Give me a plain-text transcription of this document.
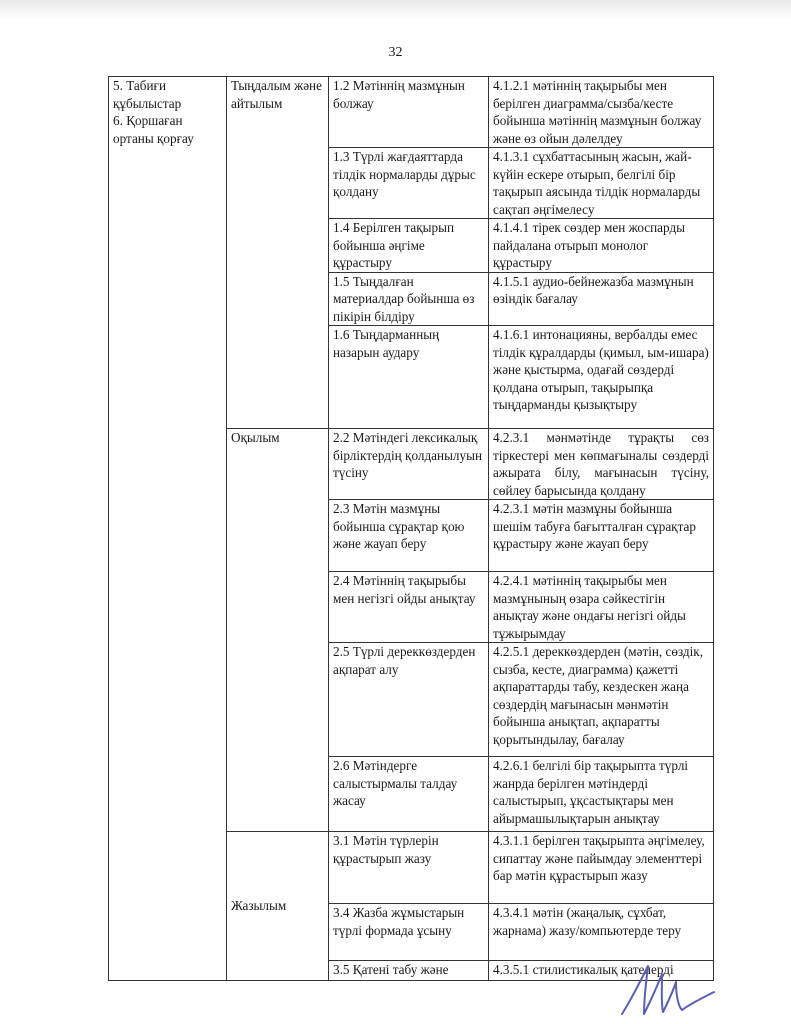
32
5. Табиғи құбылыстар
6. Қоршаған ортаны қорғау	Тыңдалым және айтылым	1.2 Мәтіннің мазмұнын болжау	4.1.2.1 мәтіннің тақырыбы мен берілген диаграмма/сызба/кесте бойынша мәтіннің мазмұнын болжау және өз ойын дәлелдеу
		1.3 Түрлі жағдаяттарда тілдік нормаларды дұрыс қолдану	4.1.3.1 сұхбаттасының жасын, жай-күйін ескере отырып, белгілі бір тақырып аясында тілдік нормаларды сақтап әңгімелесу
		1.4 Берілген тақырып бойынша әңгіме құрастыру	4.1.4.1 тірек сөздер мен жоспарды пайдалана отырып монолог құрастыру
		1.5 Тыңдалған материалдар бойынша өз пікірін білдіру	4.1.5.1 аудио-бейнежазба мазмұнын өзіндік бағалау
		1.6 Тыңдарманның назарын аудару	4.1.6.1 интонацияны, вербалды емес тілдік құралдарды (қимыл, ым-ишара) және қыстырма, одағай сөздерді қолдана отырып, тақырыпқа тыңдарманды қызықтыру
	Оқылым	2.2 Мәтіндегі лексикалық бірліктердің қолданылуын түсіну	4.2.3.1 мәнмәтінде тұрақты сөз тіркестері мен көпмағыналы сөздерді ажырата білу, мағынасын түсіну, сөйлеу барысында қолдану
		2.3 Мәтін мазмұны бойынша сұрақтар қою және жауап беру	4.2.3.1 мәтін мазмұны бойынша шешім табуға бағытталған сұрақтар құрастыру және жауап беру
		2.4 Мәтіннің тақырыбы мен негізгі ойды анықтау	4.2.4.1 мәтіннің тақырыбы мен мазмұнының өзара сәйкестігін анықтау және ондағы негізгі ойды тұжырымдау
		2.5 Түрлі дереккөздерден ақпарат алу	4.2.5.1 дереккөздерден (мәтін, сөздік, сызба, кесте, диаграмма) қажетті ақпараттарды табу, кездескен жаңа сөздердің мағынасын мәнмәтін бойынша анықтап, ақпаратты қорытындылау, бағалау
		2.6 Мәтіндерге салыстырмалы талдау жасау	4.2.6.1 белгілі бір тақырыпта түрлі жанрда берілген мәтіндерді салыстырып, ұқсастықтары мен айырмашылықтарын анықтау
	Жазылым	3.1 Мәтін түрлерін құрастырып жазу	4.3.1.1 берілген тақырыпта әңгімелеу, сипаттау және пайымдау элементтері бар мәтін құрастырып жазу
		3.4 Жазба жұмыстарын түрлі формада ұсыну	4.3.4.1 мәтін (жаңалық, сұхбат, жарнама) жазу/компьютерде теру
		3.5 Қатені табу және	4.3.5.1 стилистикалық қателерді
